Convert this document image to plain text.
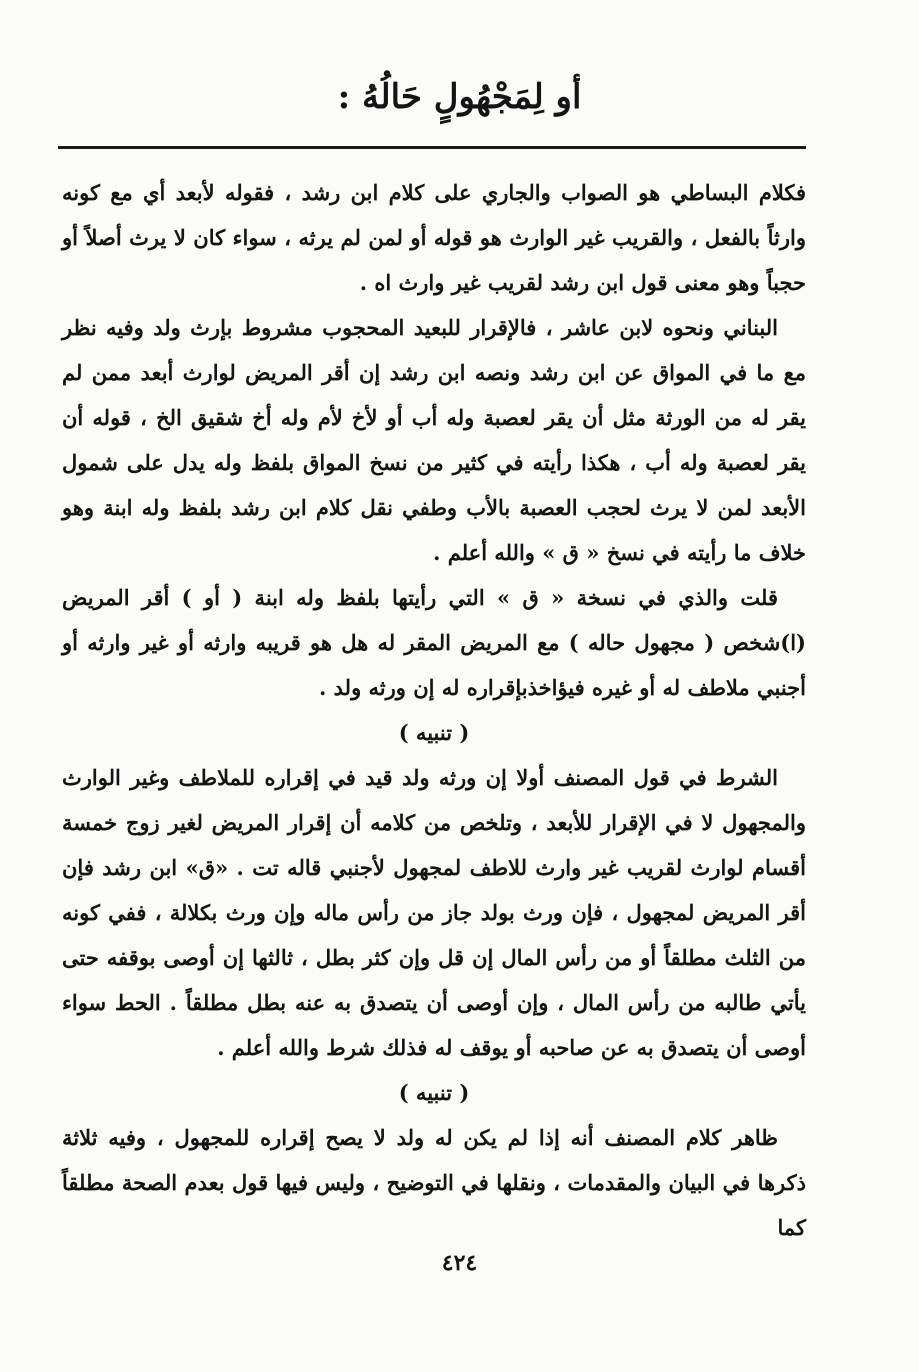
أو لِمَجْهُولٍ حَالُهُ :

فكلام البساطي هو الصواب والجاري على كلام ابن رشد ، فقوله لأبعد أي مع كونه وارثاً بالفعل ، والقريب غير الوارث هو قوله أو لمن لم يرثه ، سواء كان لا يرث أصلاً أو حجباً وهو معنى قول ابن رشد لقريب غير وارث اه .

البناني ونحوه لابن عاشر ، فالإقرار للبعيد المحجوب مشروط بإرث ولد وفيه نظر مع ما في المواق عن ابن رشد ونصه ابن رشد إن أقر المريض لوارث أبعد ممن لم يقر له من الورثة مثل أن يقر لعصبة وله أب أو لأخ لأم وله أخ شقيق الخ ، قوله أن يقر لعصبة وله أب ، هكذا رأيته في كثير من نسخ المواق بلفظ وله يدل على شمول الأبعد لمن لا يرث لحجب العصبة بالأب وطفي نقل كلام ابن رشد بلفظ وله ابنة وهو خلاف ما رأيته في نسخ « ق » والله أعلم .

قلت والذي في نسخة « ق » التي رأيتها بلفظ وله ابنة ( أو ) أقر المريض (ا)شخص ( مجهول حاله ) مع المريض المقر له هل هو قريبه وارثه أو غير وارثه أو أجنبي ملاطف له أو غيره فيؤاخذبإقراره له إن ورثه ولد .

( تنبيه )

الشرط في قول المصنف أولا إن ورثه ولد قيد في إقراره للملاطف وغير الوارث والمجهول لا في الإقرار للأبعد ، وتلخص من كلامه أن إقرار المريض لغير زوج خمسة أقسام لوارث لقريب غير وارث للاطف لمجهول لأجنبي قاله تت . «ق» ابن رشد فإن أقر المريض لمجهول ، فإن ورث بولد جاز من رأس ماله وإن ورث بكلالة ، ففي كونه من الثلث مطلقاً أو من رأس المال إن قل وإن كثر بطل ، ثالثها إن أوصى بوقفه حتى يأتي طالبه من رأس المال ، وإن أوصى أن يتصدق به عنه بطل مطلقاً . الحط سواء أوصى أن يتصدق به عن صاحبه أو يوقف له فذلك شرط والله أعلم .

( تنبيه )

ظاهر كلام المصنف أنه إذا لم يكن له ولد لا يصح إقراره للمجهول ، وفيه ثلاثة ذكرها في البيان والمقدمات ، ونقلها في التوضيح ، وليس فيها قول بعدم الصحة مطلقاً كما

٤٢٤
